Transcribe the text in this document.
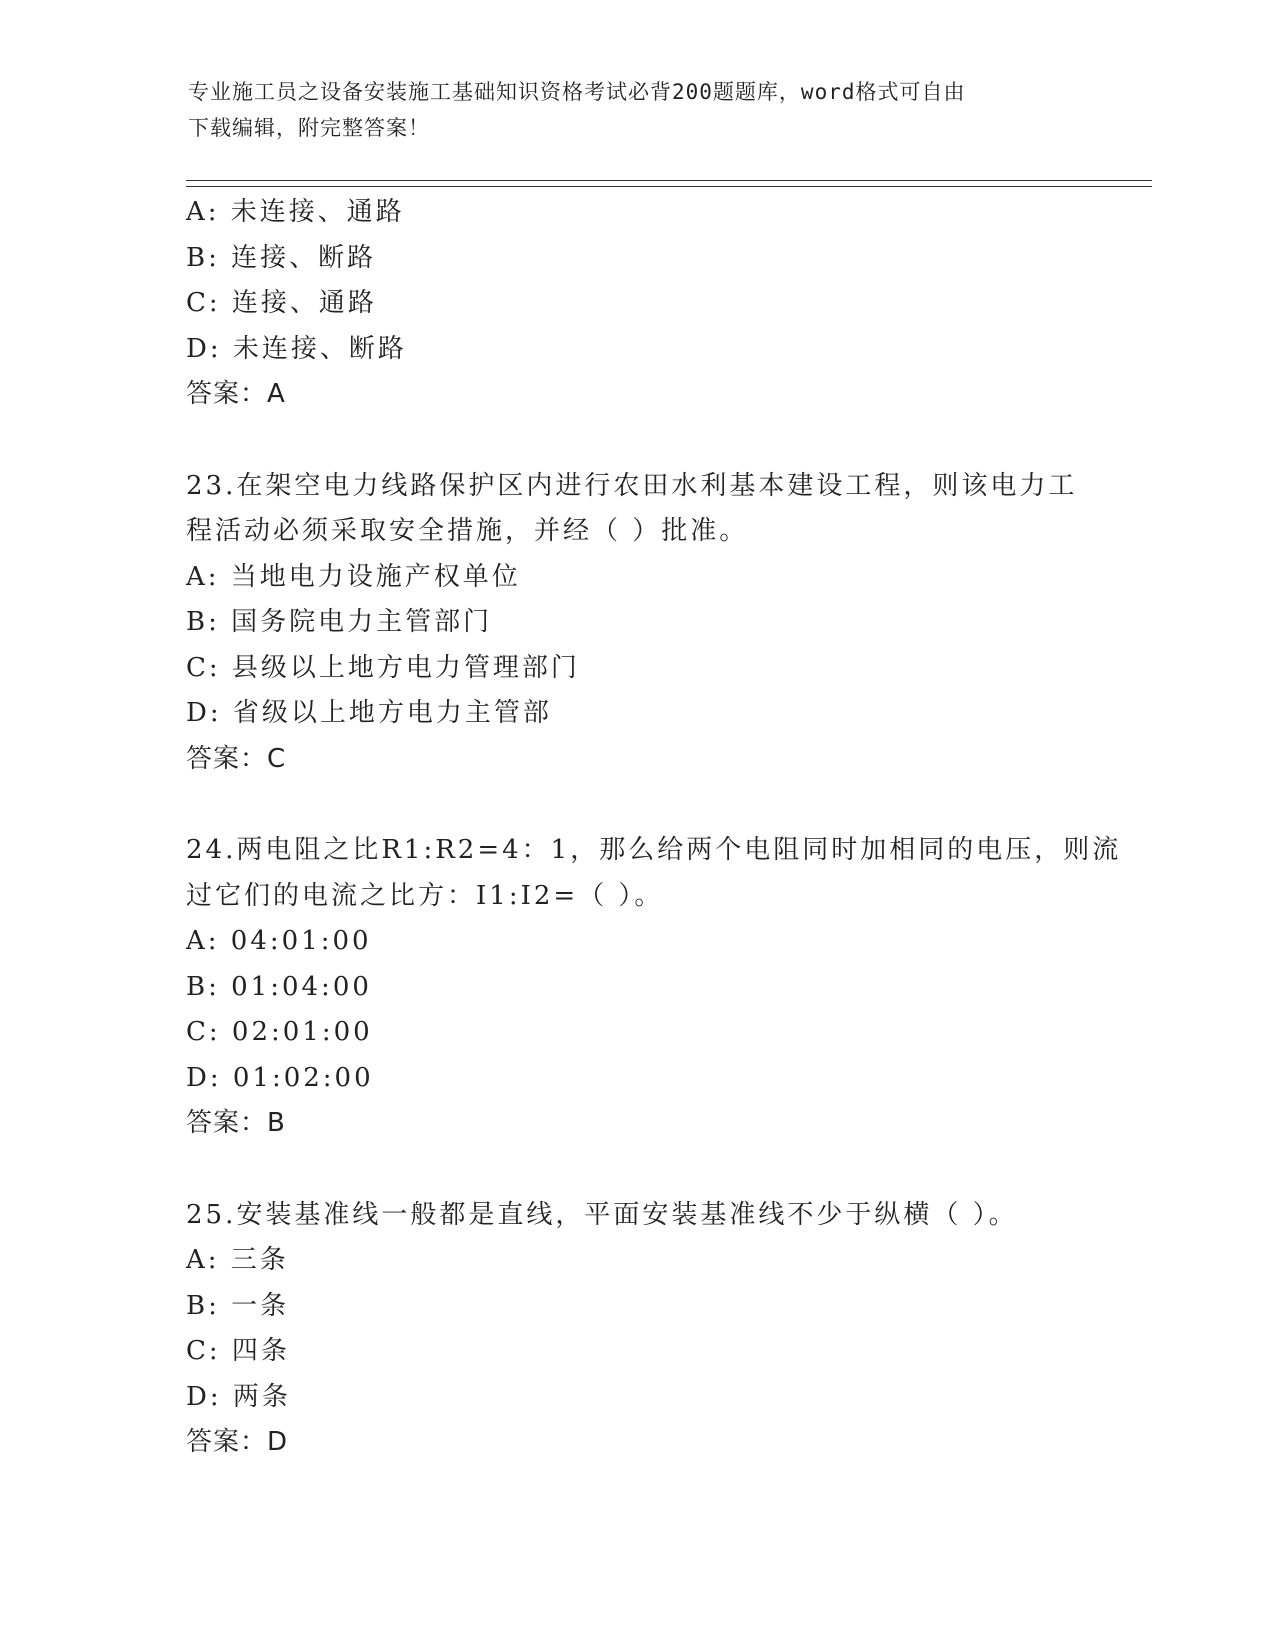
专业施工员之设备安装施工基础知识资格考试必背200题题库，word格式可自由
下载编辑，附完整答案！
A: 未连接、通路
B: 连接、断路
C: 连接、通路
D: 未连接、断路
答案：A
23.在架空电力线路保护区内进行农田水利基本建设工程，则该电力工
程活动必须采取安全措施，并经（ ）批准。
A: 当地电力设施产权单位
B: 国务院电力主管部门
C: 县级以上地方电力管理部门
D: 省级以上地方电力主管部
答案：C
24.两电阻之比R1:R2=4：1，那么给两个电阻同时加相同的电压，则流
过它们的电流之比方：I1:I2=（ ）。
A: 04:01:00
B: 01:04:00
C: 02:01:00
D: 01:02:00
答案：B
25.安装基准线一般都是直线，平面安装基准线不少于纵横（ ）。
A: 三条
B: 一条
C: 四条
D: 两条
答案：D
